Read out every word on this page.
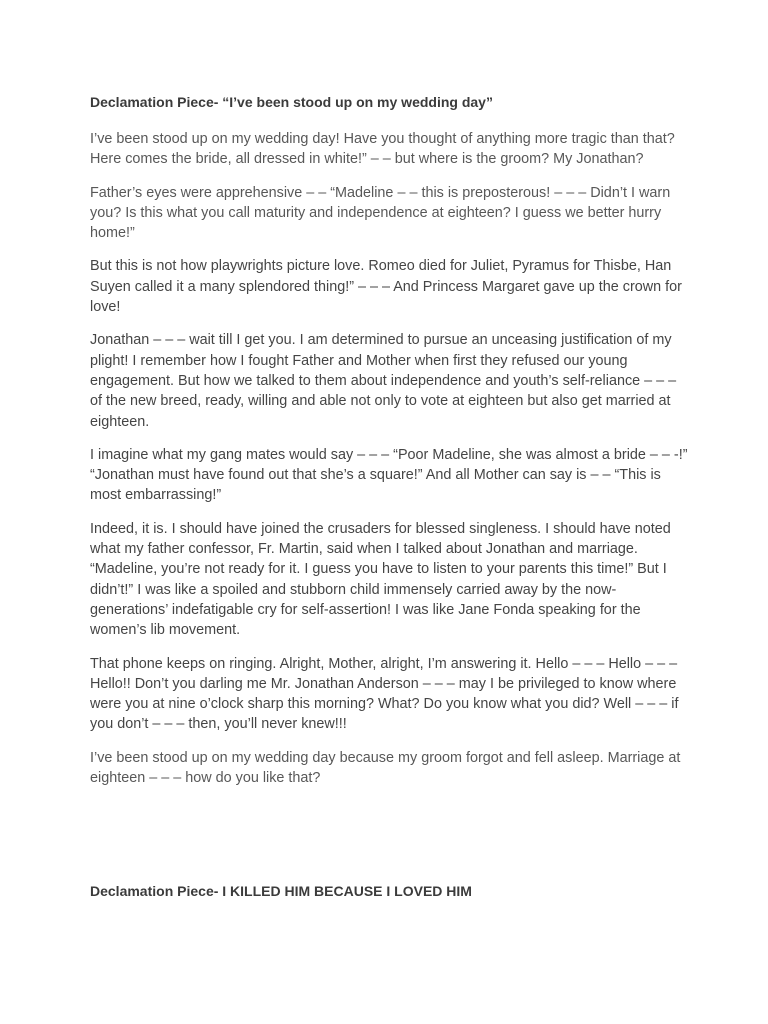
Declamation Piece- “I’ve been stood up on my wedding day”

I’ve been stood up on my wedding day! Have you thought of anything more tragic than that? Here comes the bride, all dressed in white!” – – but where is the groom? My Jonathan?

Father’s eyes were apprehensive – – “Madeline – – this is preposterous! – – – Didn’t I warn you? Is this what you call maturity and independence at eighteen? I guess we better hurry home!”

But this is not how playwrights picture love. Romeo died for Juliet, Pyramus for Thisbe, Han Suyen called it a many splendored thing!” – – – And Princess Margaret gave up the crown for love!

Jonathan – – – wait till I get you. I am determined to pursue an unceasing justification of my plight! I remember how I fought Father and Mother when first they refused our young engagement. But how we talked to them about independence and youth’s self-reliance – – – of the new breed, ready, willing and able not only to vote at eighteen but also get married at eighteen.

I imagine what my gang mates would say – – – “Poor Madeline, she was almost a bride – – -!” “Jonathan must have found out that she’s a square!” And all Mother can say is – – “This is most embarrassing!”

Indeed, it is. I should have joined the crusaders for blessed singleness. I should have noted what my father confessor, Fr. Martin, said when I talked about Jonathan and marriage. “Madeline, you’re not ready for it. I guess you have to listen to your parents this time!” But I didn’t!” I was like a spoiled and stubborn child immensely carried away by the now-generations’ indefatigable cry for self-assertion! I was like Jane Fonda speaking for the women’s lib movement.

That phone keeps on ringing. Alright, Mother, alright, I’m answering it. Hello – – – Hello – – – Hello!! Don’t you darling me Mr. Jonathan Anderson – – – may I be privileged to know where were you at nine o’clock sharp this morning? What? Do you know what you did? Well – – – if you don’t – – – then, you’ll never knew!!!

I’ve been stood up on my wedding day because my groom forgot and fell asleep. Marriage at eighteen – – – how do you like that?

Declamation Piece- I KILLED HIM BECAUSE I LOVED HIM
